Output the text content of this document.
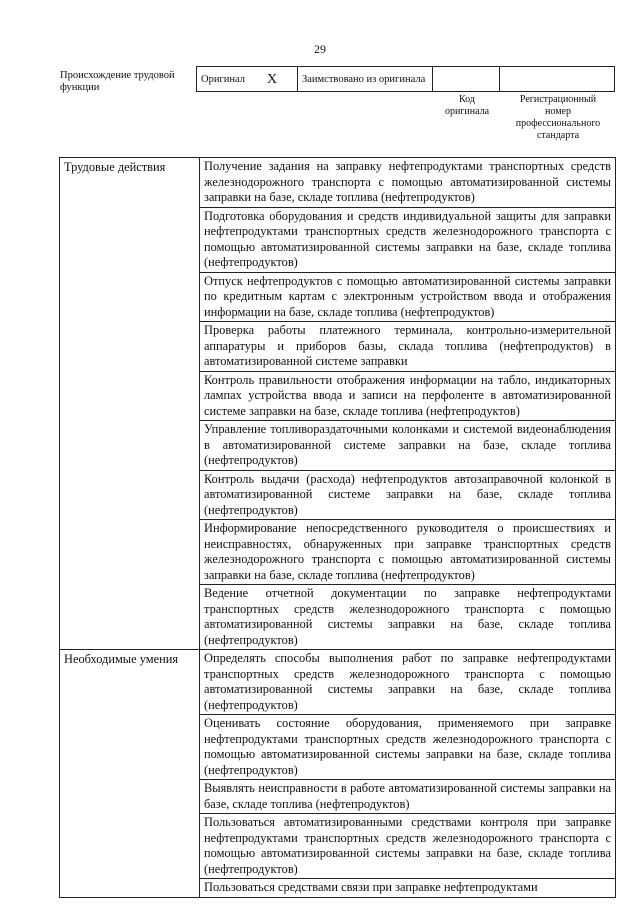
29
Происхождение трудовой функции
Оригинал X	Заимствовано из оригинала		
Код оригинала
Регистрационный номер профессионального стандарта
Трудовые действия	Получение задания на заправку нефтепродуктами транспортных средств железнодорожного транспорта с помощью автоматизированной системы заправки на базе, складе топлива (нефтепродуктов)
	Подготовка оборудования и средств индивидуальной защиты для заправки нефтепродуктами транспортных средств железнодорожного транспорта с помощью автоматизированной системы заправки на базе, складе топлива (нефтепродуктов)
	Отпуск нефтепродуктов с помощью автоматизированной системы заправки по кредитным картам с электронным устройством ввода и отображения информации на базе, складе топлива (нефтепродуктов)
	Проверка работы платежного терминала, контрольно-измерительной аппаратуры и приборов базы, склада топлива (нефтепродуктов) в автоматизированной системе заправки
	Контроль правильности отображения информации на табло, индикаторных лампах устройства ввода и записи на перфоленте в автоматизированной системе заправки на базе, складе топлива (нефтепродуктов)
	Управление топливораздаточными колонками и системой видеонаблюдения в автоматизированной системе заправки на базе, складе топлива (нефтепродуктов)
	Контроль выдачи (расхода) нефтепродуктов автозаправочной колонкой в автоматизированной системе заправки на базе, складе топлива (нефтепродуктов)
	Информирование непосредственного руководителя о происшествиях и неисправностях, обнаруженных при заправке транспортных средств железнодорожного транспорта с помощью автоматизированной системы заправки на базе, складе топлива (нефтепродуктов)
	Ведение отчетной документации по заправке нефтепродуктами транспортных средств железнодорожного транспорта с помощью автоматизированной системы заправки на базе, складе топлива (нефтепродуктов)
Необходимые умения	Определять способы выполнения работ по заправке нефтепродуктами транспортных средств железнодорожного транспорта с помощью автоматизированной системы заправки на базе, складе топлива (нефтепродуктов)
	Оценивать состояние оборудования, применяемого при заправке нефтепродуктами транспортных средств железнодорожного транспорта с помощью автоматизированной системы заправки на базе, складе топлива (нефтепродуктов)
	Выявлять неисправности в работе автоматизированной системы заправки на базе, складе топлива (нефтепродуктов)
	Пользоваться автоматизированными средствами контроля при заправке нефтепродуктами транспортных средств железнодорожного транспорта с помощью автоматизированной системы заправки на базе, складе топлива (нефтепродуктов)
	Пользоваться средствами связи при заправке нефтепродуктами
